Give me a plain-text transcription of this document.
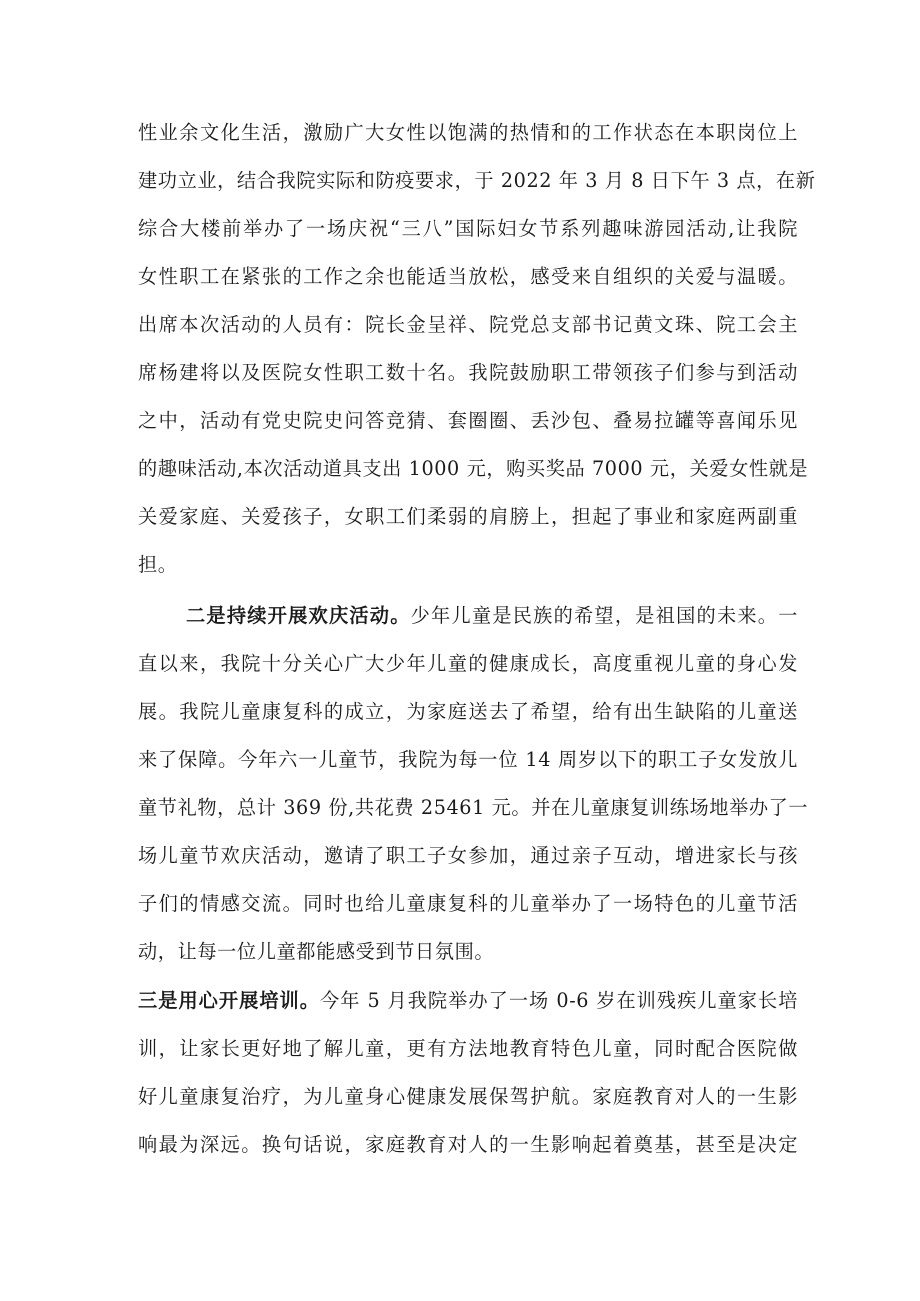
性业余文化生活，激励广大女性以饱满的热情和的工作状态在本职岗位上
建功立业，结合我院实际和防疫要求，于 2022 年 3 月 8 日下午 3 点，在新
综合大楼前举办了一场庆祝“三八”国际妇女节系列趣味游园活动,让我院
女性职工在紧张的工作之余也能适当放松，感受来自组织的关爱与温暖。
出席本次活动的人员有：院长金呈祥、院党总支部书记黄文珠、院工会主
席杨建将以及医院女性职工数十名。我院鼓励职工带领孩子们参与到活动
之中，活动有党史院史问答竞猜、套圈圈、丢沙包、叠易拉罐等喜闻乐见
的趣味活动,本次活动道具支出 1000 元，购买奖品 7000 元，关爱女性就是
关爱家庭、关爱孩子，女职工们柔弱的肩膀上，担起了事业和家庭两副重
担。
二是持续开展欢庆活动。少年儿童是民族的希望，是祖国的未来。一
直以来，我院十分关心广大少年儿童的健康成长，高度重视儿童的身心发
展。我院儿童康复科的成立，为家庭送去了希望，给有出生缺陷的儿童送
来了保障。今年六一儿童节，我院为每一位 14 周岁以下的职工子女发放儿
童节礼物，总计 369 份,共花费 25461 元。并在儿童康复训练场地举办了一
场儿童节欢庆活动，邀请了职工子女参加，通过亲子互动，增进家长与孩
子们的情感交流。同时也给儿童康复科的儿童举办了一场特色的儿童节活
动，让每一位儿童都能感受到节日氛围。
三是用心开展培训。今年 5 月我院举办了一场 0-6 岁在训残疾儿童家长培
训，让家长更好地了解儿童，更有方法地教育特色儿童，同时配合医院做
好儿童康复治疗，为儿童身心健康发展保驾护航。家庭教育对人的一生影
响最为深远。换句话说，家庭教育对人的一生影响起着奠基，甚至是决定
